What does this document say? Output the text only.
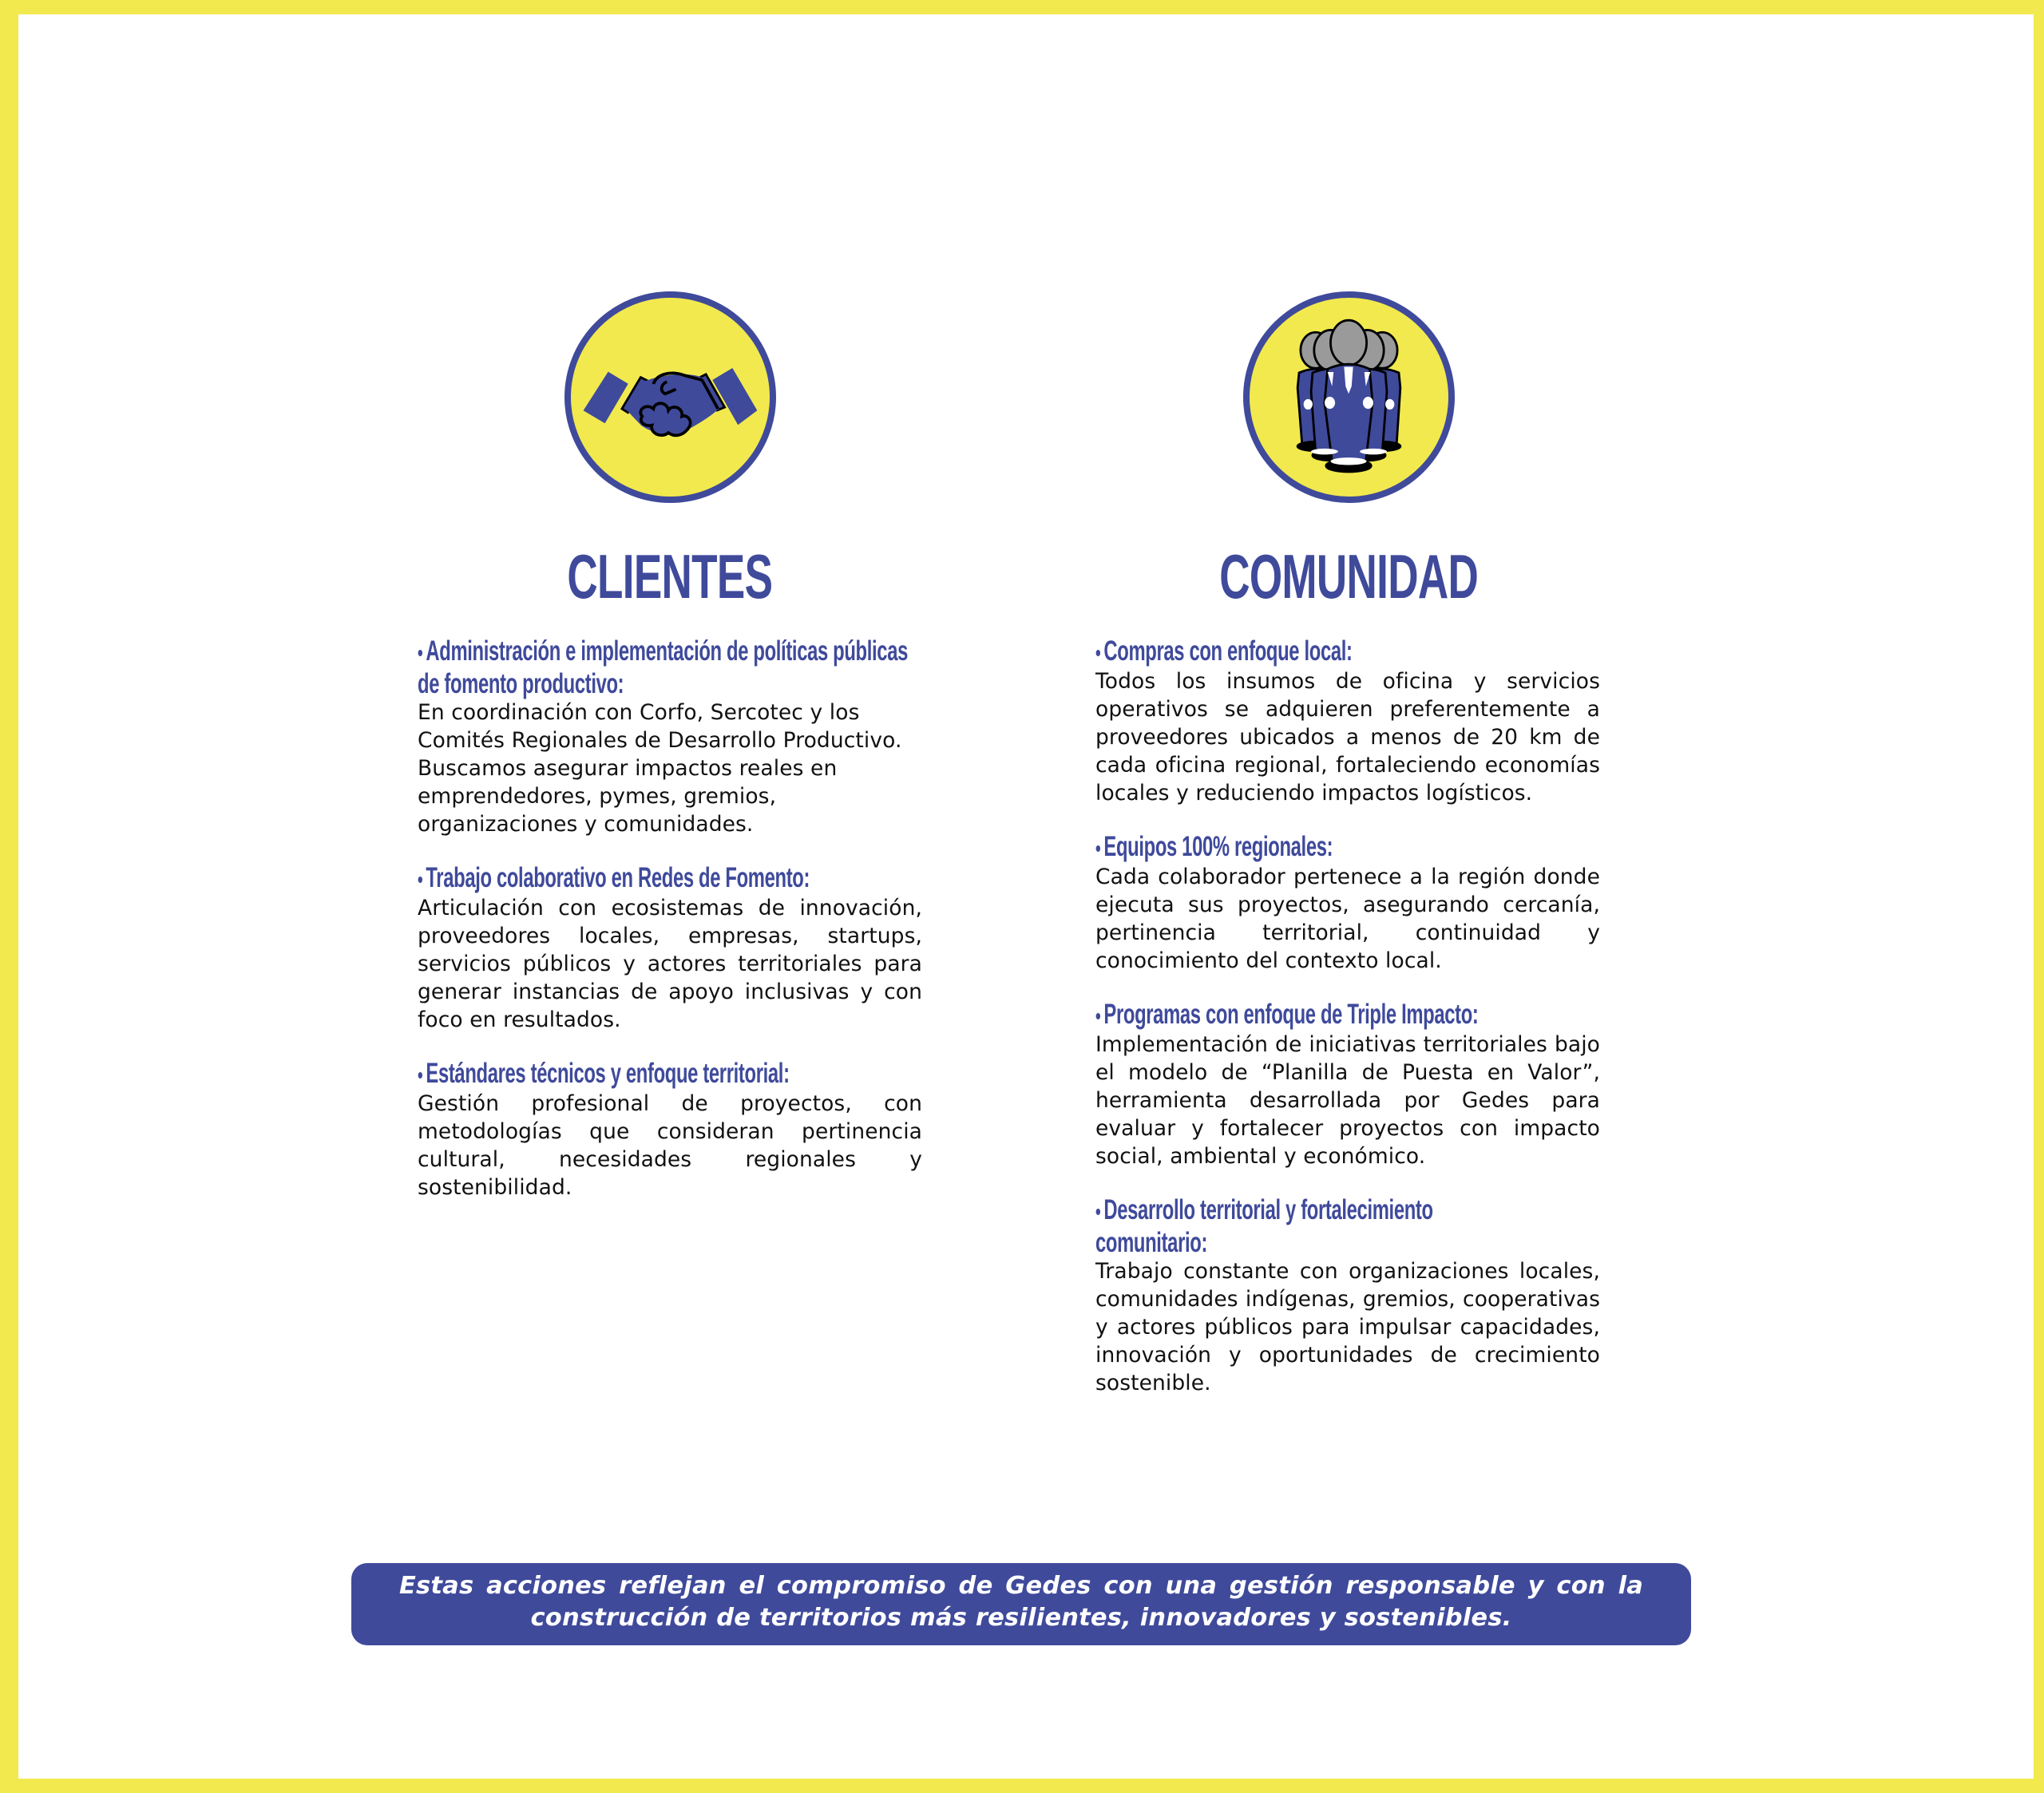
CLIENTES	COMUNIDAD
• Administración e implementación de políticas públicas de fomento productivo:
En coordinación con Corfo, Sercotec y los Comités Regionales de Desarrollo Productivo. Buscamos asegurar impactos reales en emprendedores, pymes, gremios, organizaciones y comunidades.
• Trabajo colaborativo en Redes de Fomento:
Articulación con ecosistemas de innovación, proveedores locales, empresas, startups, servicios públicos y actores territoriales para generar instancias de apoyo inclusivas y con foco en resultados.
• Estándares técnicos y enfoque territorial:
Gestión profesional de proyectos, con metodologías que consideran pertinencia cultural, necesidades regionales y sostenibilidad.
• Compras con enfoque local:
Todos los insumos de oficina y servicios operativos se adquieren preferentemente a proveedores ubicados a menos de 20 km de cada oficina regional, fortaleciendo economías locales y reduciendo impactos logísticos.
• Equipos 100% regionales:
Cada colaborador pertenece a la región donde ejecuta sus proyectos, asegurando cercanía, pertinencia territorial, continuidad y conocimiento del contexto local.
• Programas con enfoque de Triple Impacto:
Implementación de iniciativas territoriales bajo el modelo de “Planilla de Puesta en Valor”, herramienta desarrollada por Gedes para evaluar y fortalecer proyectos con impacto social, ambiental y económico.
• Desarrollo territorial y fortalecimiento comunitario:
Trabajo constante con organizaciones locales, comunidades indígenas, gremios, cooperativas y actores públicos para impulsar capacidades, innovación y oportunidades de crecimiento sostenible.
Estas acciones reflejan el compromiso de Gedes con una gestión responsable y con la construcción de territorios más resilientes, innovadores y sostenibles.
